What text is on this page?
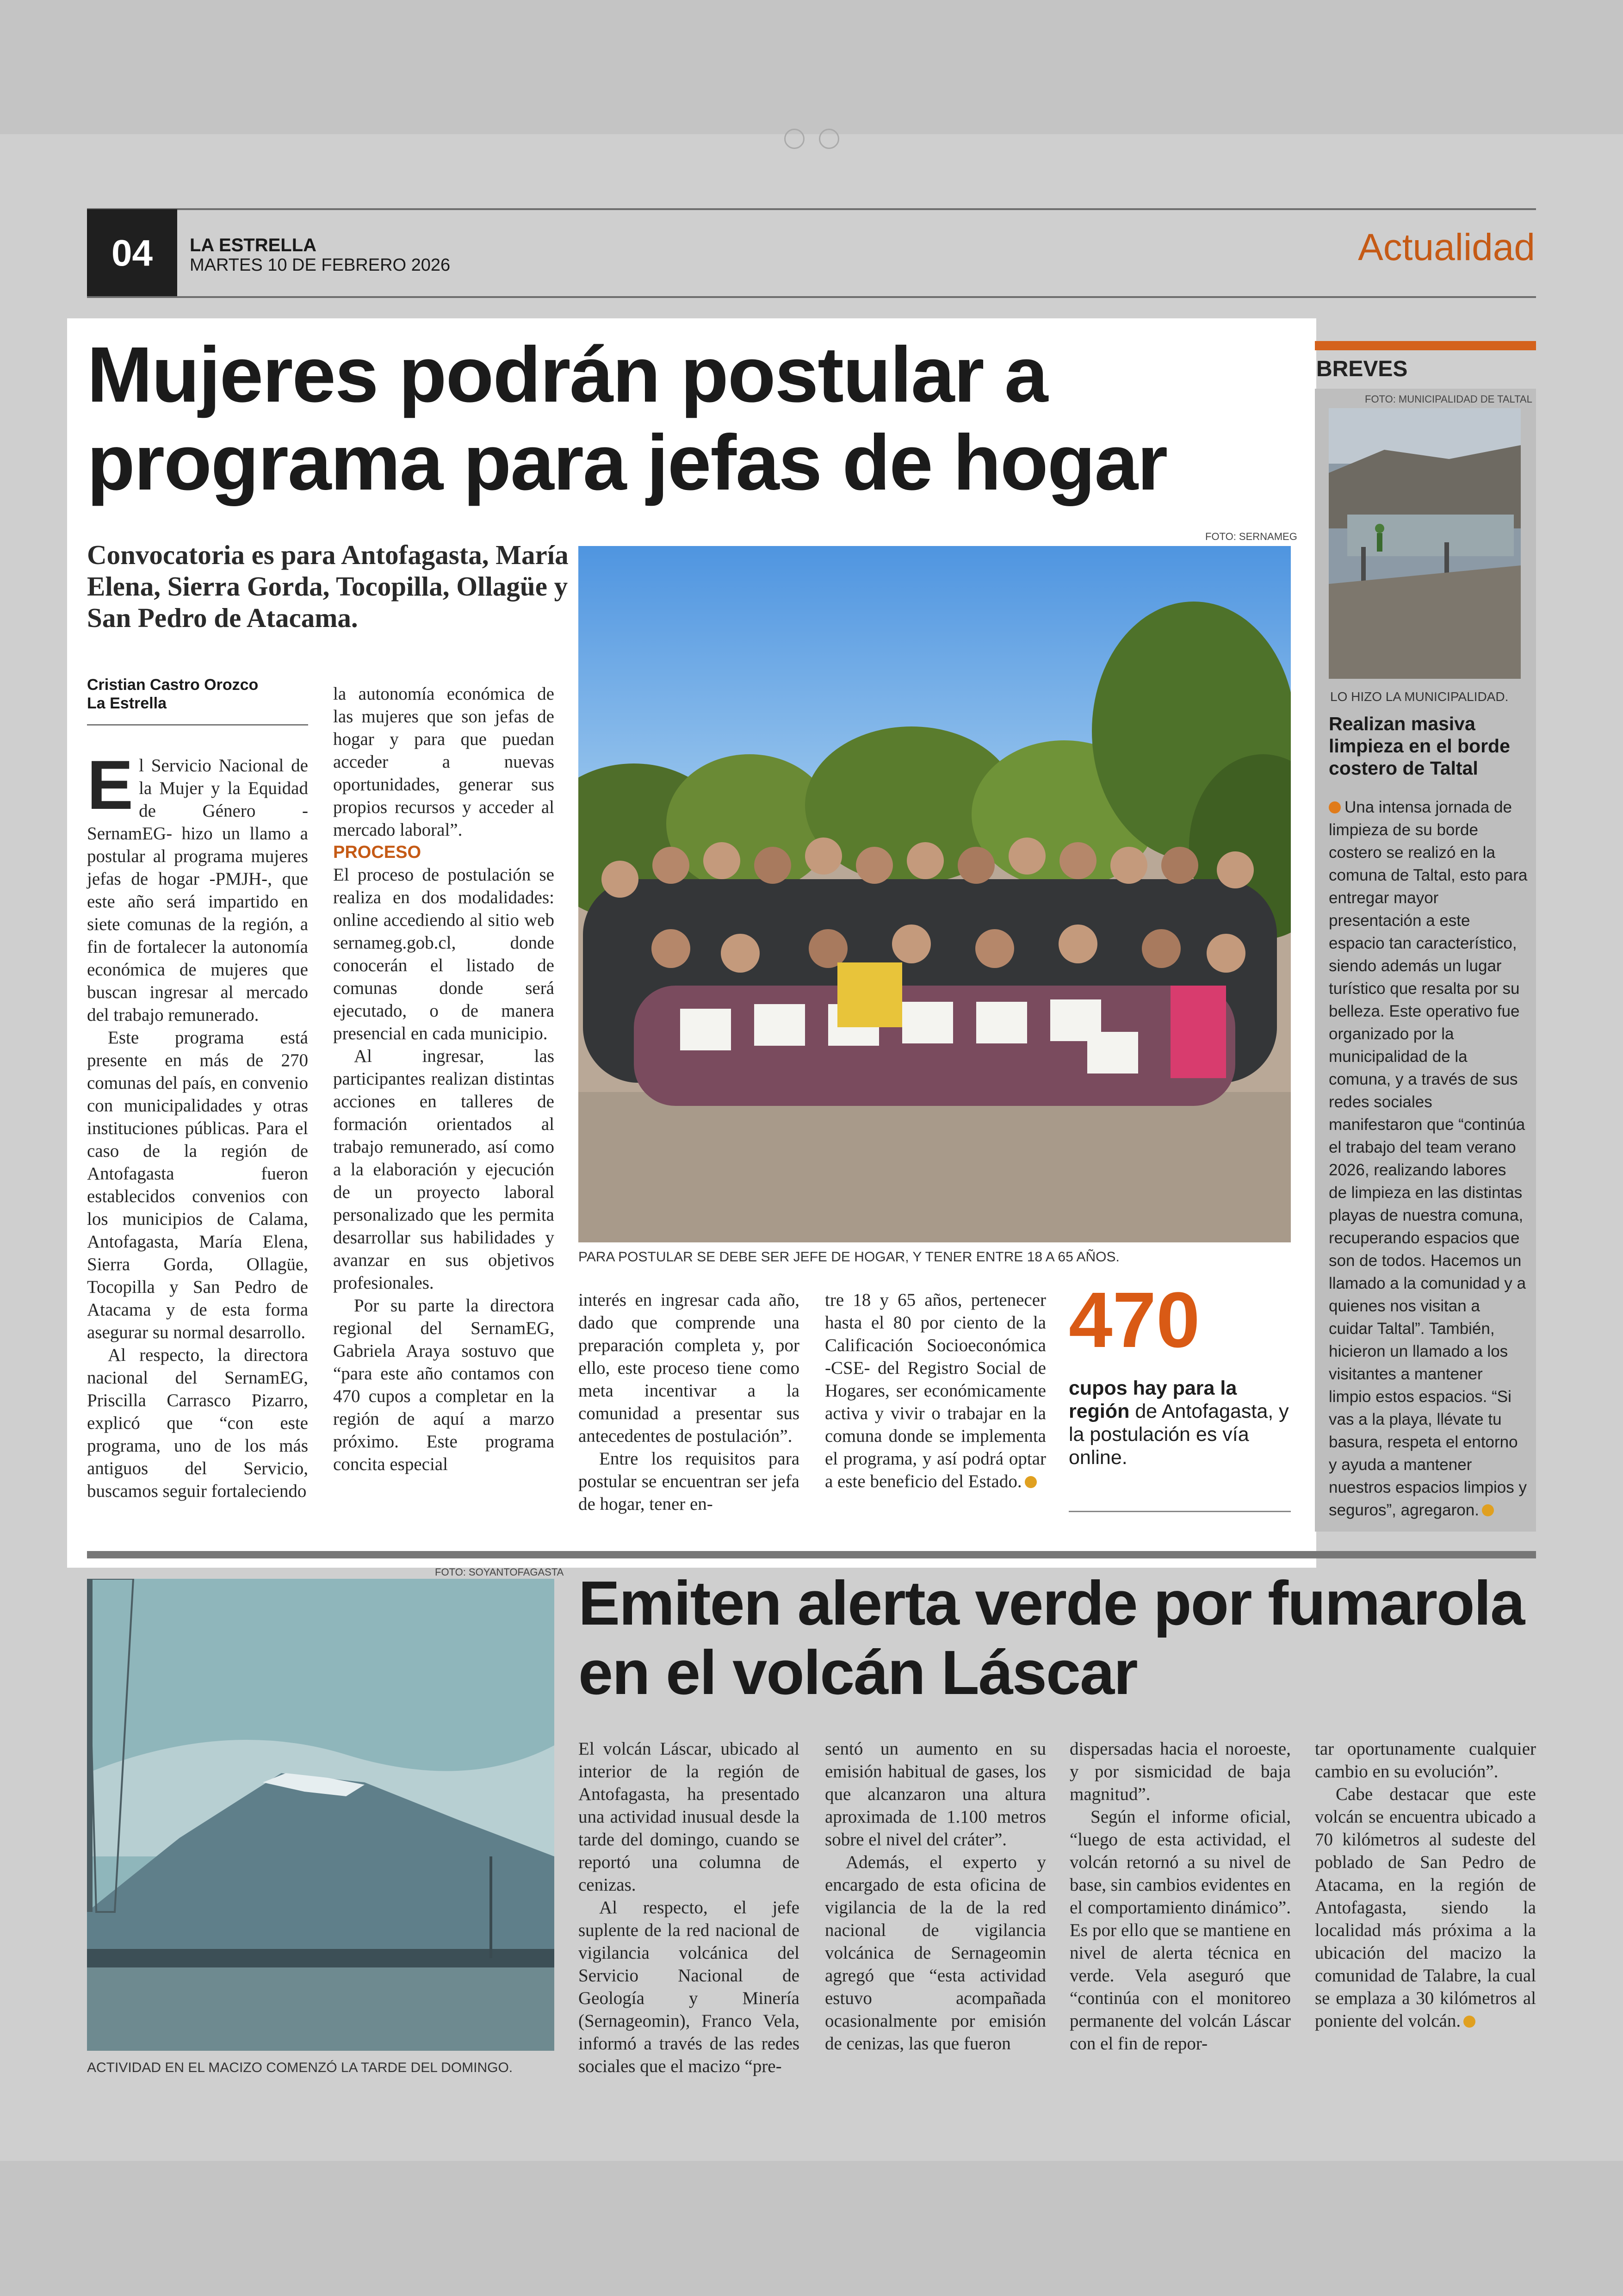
04	LA ESTRELLA
MARTES 10 DE FEBRERO 2026	Actualidad
Mujeres podrán postular a
programa para jefas de hogar
Convocatoria es para Antofagasta, María Elena, Sierra Gorda, Tocopilla, Ollagüe y San Pedro de Atacama.
Cristian Castro Orozco
La Estrella

El Servicio Nacional de la Mujer y la Equidad de Género -SernamEG- hizo un llamo a postular al programa mujeres jefas de hogar -PMJH-, que este año será impartido en siete comunas de la región, a fin de fortalecer la autonomía económica de mujeres que buscan ingresar al mercado del trabajo remunerado.

Este programa está presente en más de 270 comunas del país, en convenio con municipalidades y otras instituciones públicas. Para el caso de la región de Antofagasta fueron establecidos convenios con los municipios de Calama, Antofagasta, María Elena, Sierra Gorda, Ollagüe, Tocopilla y San Pedro de Atacama y de esta forma asegurar su normal desarrollo.

Al respecto, la directora nacional del SernamEG, Priscilla Carrasco Pizarro, explicó que “con este programa, uno de los más antiguos del Servicio, buscamos seguir fortaleciendo

la autonomía económica de las mujeres que son jefas de hogar y para que puedan acceder a nuevas oportunidades, generar sus propios recursos y acceder al mercado laboral”.

PROCESO

El proceso de postulación se realiza en dos modalidades: online accediendo al sitio web sernameg.gob.cl, donde conocerán el listado de comunas donde será ejecutado, o de manera presencial en cada municipio.

Al ingresar, las participantes realizan distintas acciones en talleres de formación orientados al trabajo remunerado, así como a la elaboración y ejecución de un proyecto laboral personalizado que les permita desarrollar sus habilidades y avanzar en sus objetivos profesionales.

Por su parte la directora regional del SernamEG, Gabriela Araya sostuvo que “para este año contamos con 470 cupos a completar en la región de aquí a marzo próximo. Este programa concita especial

FOTO: SERNAMEG
PARA POSTULAR SE DEBE SER JEFE DE HOGAR, Y TENER ENTRE 18 A 65 AÑOS.

interés en ingresar cada año, dado que comprende una preparación completa y, por ello, este proceso tiene como meta incentivar a la comunidad a presentar sus antecedentes de postulación”.

Entre los requisitos para postular se encuentran ser jefa de hogar, tener en-

tre 18 y 65 años, pertenecer hasta el 80 por ciento de la Calificación Socioeconómica -CSE- del Registro Social de Hogares, ser económicamente activa y vivir o trabajar en la comuna donde se implementa el programa, y así podrá optar a este beneficio del Estado.

470
cupos hay para la región de Antofagasta, y la postulación es vía online.
BREVES
FOTO: MUNICIPALIDAD DE TALTAL
LO HIZO LA MUNICIPALIDAD.
Realizan masiva limpieza en el borde costero de Taltal
Una intensa jornada de limpieza de su borde costero se realizó en la comuna de Taltal, esto para entregar mayor presentación a este espacio tan característico, siendo además un lugar turístico que resalta por su belleza. Este operativo fue organizado por la municipalidad de la comuna, y a través de sus redes sociales manifestaron que “continúa el trabajo del team verano 2026, realizando labores de limpieza en las distintas playas de nuestra comuna, recuperando espacios que son de todos. Hacemos un llamado a la comunidad y a quienes nos visitan a cuidar Taltal”. También, hicieron un llamado a los visitantes a mantener limpio estos espacios. “Si vas a la playa, llévate tu basura, respeta el entorno y ayuda a mantener nuestros espacios limpios y seguros”, agregaron.
FOTO: SOYANTOFAGASTA
ACTIVIDAD EN EL MACIZO COMENZÓ LA TARDE DEL DOMINGO.
Emiten alerta verde por fumarola
en el volcán Láscar

El volcán Láscar, ubicado al interior de la región de Antofagasta, ha presentado una actividad inusual desde la tarde del domingo, cuando se reportó una columna de cenizas.

Al respecto, el jefe suplente de la red nacional de vigilancia volcánica del Servicio Nacional de Geología y Minería (Sernageomin), Franco Vela, informó a través de las redes sociales que el macizo “pre-

sentó un aumento en su emisión habitual de gases, los que alcanzaron una altura aproximada de 1.100 metros sobre el nivel del cráter”.

Además, el experto y encargado de esta oficina de vigilancia de la de la red nacional de vigilancia volcánica de Sernageomin agregó que “esta actividad estuvo acompañada ocasionalmente por emisión de cenizas, las que fueron

dispersadas hacia el noroeste, y por sismicidad de baja magnitud”.

Según el informe oficial, “luego de esta actividad, el volcán retornó a su nivel de base, sin cambios evidentes en el comportamiento dinámico”. Es por ello que se mantiene en nivel de alerta técnica en verde. Vela aseguró que “continúa con el monitoreo permanente del volcán Láscar con el fin de repor-

tar oportunamente cualquier cambio en su evolución”.

Cabe destacar que este volcán se encuentra ubicado a 70 kilómetros al sudeste del poblado de San Pedro de Atacama, en la región de Antofagasta, siendo la localidad más próxima a la ubicación del macizo la comunidad de Talabre, la cual se emplaza a 30 kilómetros al poniente del volcán.
